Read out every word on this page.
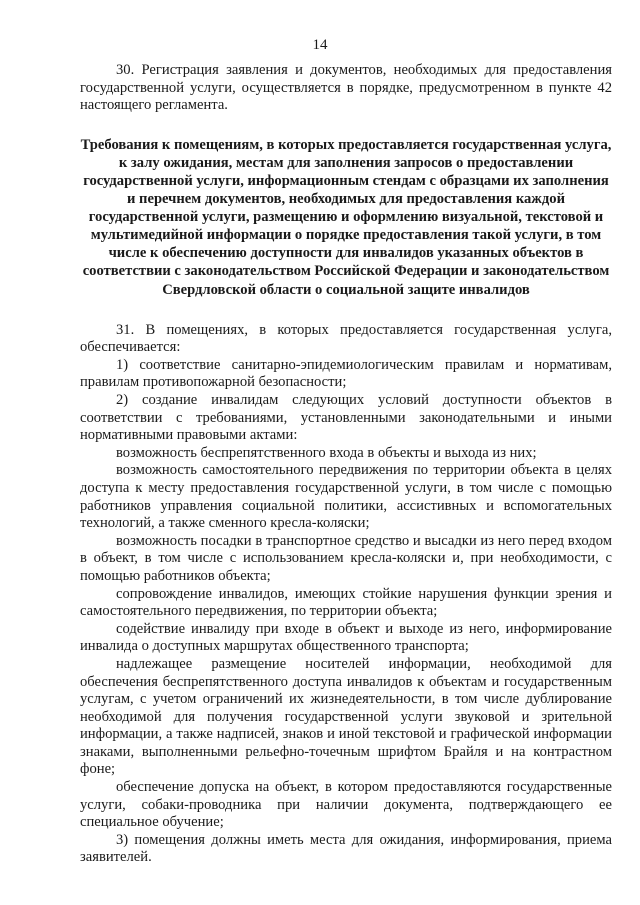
14

30. Регистрация заявления и документов, необходимых для предоставления государственной услуги, осуществляется в порядке, предусмотренном в пункте 42 настоящего регламента.

Требования к помещениям, в которых предоставляется государственная услуга, к залу ожидания, местам для заполнения запросов о предоставлении государственной услуги, информационным стендам с образцами их заполнения и перечнем документов, необходимых для предоставления каждой государственной услуги, размещению и оформлению визуальной, текстовой и мультимедийной информации о порядке предоставления такой услуги, в том числе к обеспечению доступности для инвалидов указанных объектов в соответствии с законодательством Российской Федерации и законодательством Свердловской области о социальной защите инвалидов

31. В помещениях, в которых предоставляется государственная услуга, обеспечивается:

1) соответствие санитарно-эпидемиологическим правилам и нормативам, правилам противопожарной безопасности;

2) создание инвалидам следующих условий доступности объектов в соответствии с требованиями, установленными законодательными и иными нормативными правовыми актами:

возможность беспрепятственного входа в объекты и выхода из них;

возможность самостоятельного передвижения по территории объекта в целях доступа к месту предоставления государственной услуги, в том числе с помощью работников управления социальной политики, ассистивных и вспомогательных технологий, а также сменного кресла-коляски;

возможность посадки в транспортное средство и высадки из него перед входом в объект, в том числе с использованием кресла-коляски и, при необходимости, с помощью работников объекта;

сопровождение инвалидов, имеющих стойкие нарушения функции зрения и самостоятельного передвижения, по территории объекта;

содействие инвалиду при входе в объект и выходе из него, информирование инвалида о доступных маршрутах общественного транспорта;

надлежащее размещение носителей информации, необходимой для обеспечения беспрепятственного доступа инвалидов к объектам и государственным услугам, с учетом ограничений их жизнедеятельности, в том числе дублирование необходимой для получения государственной услуги звуковой и зрительной информации, а также надписей, знаков и иной текстовой и графической информации знаками, выполненными рельефно-точечным шрифтом Брайля и на контрастном фоне;

обеспечение допуска на объект, в котором предоставляются государственные услуги, собаки-проводника при наличии документа, подтверждающего ее специальное обучение;

3) помещения должны иметь места для ожидания, информирования, приема заявителей.
